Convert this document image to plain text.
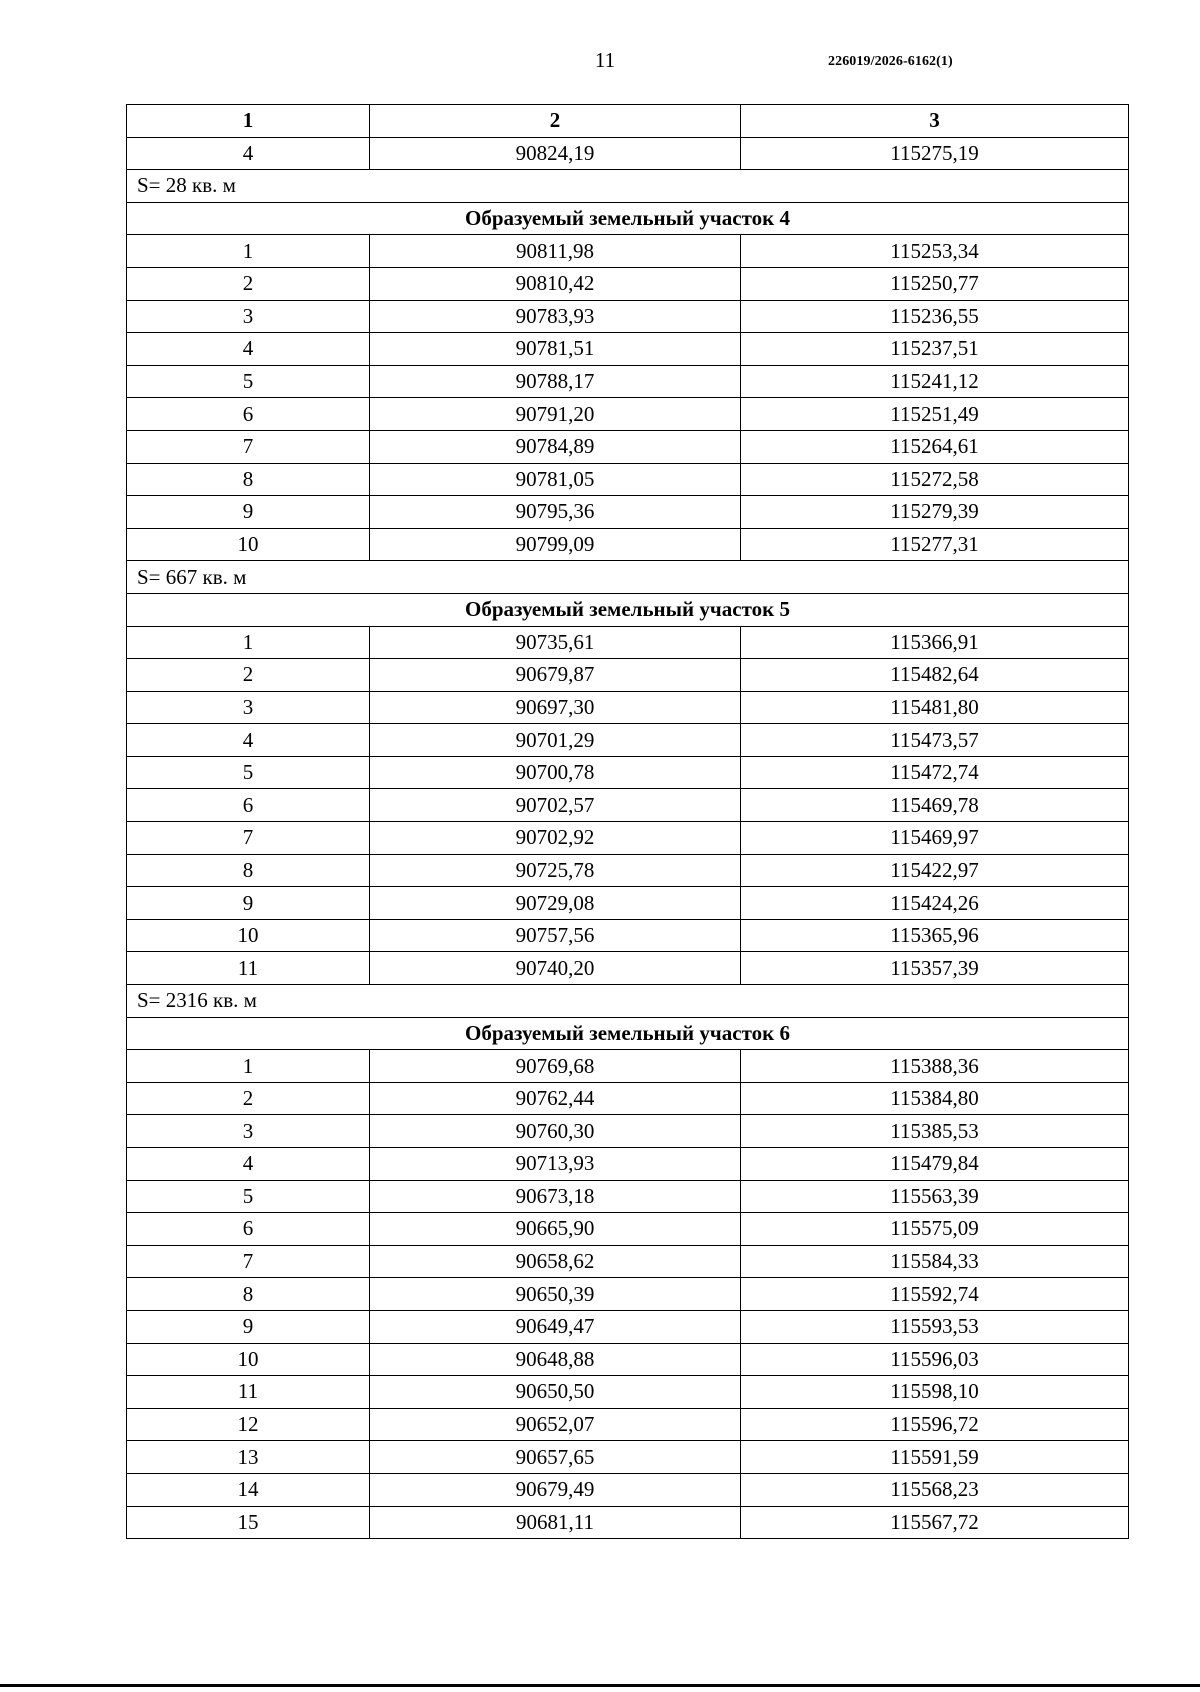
11	226019/2026-6162(1)
1	2	3
4	90824,19	115275,19
S= 28 кв. м		
Образуемый земельный участок 4		
1	90811,98	115253,34
2	90810,42	115250,77
3	90783,93	115236,55
4	90781,51	115237,51
5	90788,17	115241,12
6	90791,20	115251,49
7	90784,89	115264,61
8	90781,05	115272,58
9	90795,36	115279,39
10	90799,09	115277,31
S= 667 кв. м		
Образуемый земельный участок 5		
1	90735,61	115366,91
2	90679,87	115482,64
3	90697,30	115481,80
4	90701,29	115473,57
5	90700,78	115472,74
6	90702,57	115469,78
7	90702,92	115469,97
8	90725,78	115422,97
9	90729,08	115424,26
10	90757,56	115365,96
11	90740,20	115357,39
S= 2316 кв. м		
Образуемый земельный участок 6		
1	90769,68	115388,36
2	90762,44	115384,80
3	90760,30	115385,53
4	90713,93	115479,84
5	90673,18	115563,39
6	90665,90	115575,09
7	90658,62	115584,33
8	90650,39	115592,74
9	90649,47	115593,53
10	90648,88	115596,03
11	90650,50	115598,10
12	90652,07	115596,72
13	90657,65	115591,59
14	90679,49	115568,23
15	90681,11	115567,72
